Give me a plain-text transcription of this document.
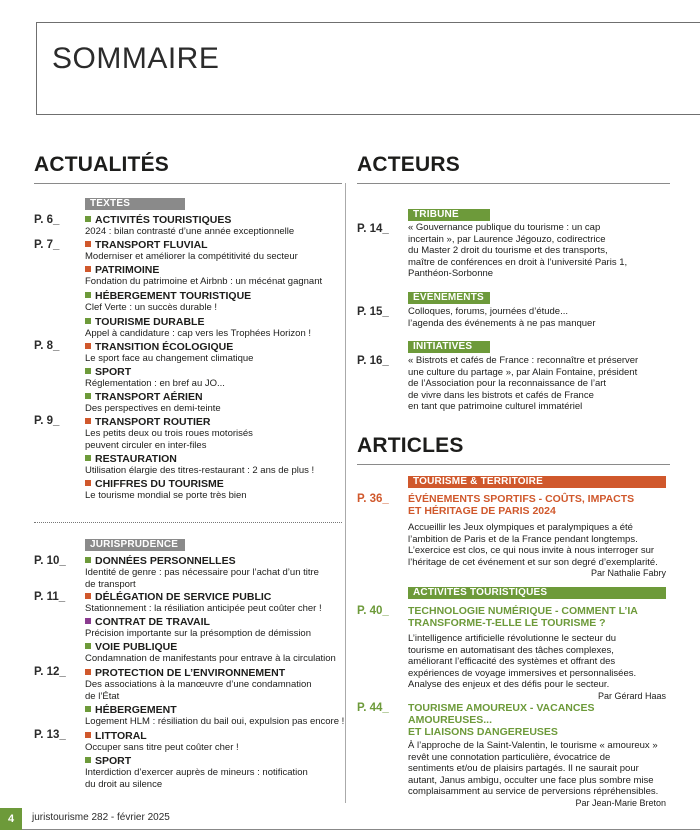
SOMMAIRE
ACTUALITÉS	ACTEURS
TEXTES
P. 6_	ACTIVITÉS TOURISTIQUES
2024 : bilan contrasté d’une année exceptionnelle
P. 7_	TRANSPORT FLUVIAL
Moderniser et améliorer la compétitivité du secteur
PATRIMOINE
Fondation du patrimoine et Airbnb : un mécénat gagnant
HÉBERGEMENT TOURISTIQUE
Clef Verte : un succès durable !
TOURISME DURABLE
Appel à candidature : cap vers les Trophées Horizon !
P. 8_	TRANSITION ÉCOLOGIQUE
Le sport face au changement climatique
SPORT
Réglementation : en bref au JO...
TRANSPORT AÉRIEN
Des perspectives en demi-teinte
P. 9_	TRANSPORT ROUTIER
Les petits deux ou trois roues motorisés
peuvent circuler en inter-files
RESTAURATION
Utilisation élargie des titres-restaurant : 2 ans de plus !
CHIFFRES DU TOURISME
Le tourisme mondial se porte très bien
JURISPRUDENCE
P. 10_	DONNÉES PERSONNELLES
Identité de genre : pas nécessaire pour l’achat d’un titre
de transport
P. 11_	DÉLÉGATION DE SERVICE PUBLIC
Stationnement : la résiliation anticipée peut coûter cher !
CONTRAT DE TRAVAIL
Précision importante sur la présomption de démission
VOIE PUBLIQUE
Condamnation de manifestants pour entrave à la circulation
P. 12_	PROTECTION DE L’ENVIRONNEMENT
Des associations à la manœuvre d’une condamnation
de l’État
HÉBERGEMENT
Logement HLM : résiliation du bail oui, expulsion pas encore !
P. 13_	LITTORAL
Occuper sans titre peut coûter cher !
SPORT
Interdiction d’exercer auprès de mineurs : notification
du droit au silence
TRIBUNE
P. 14_ « Gouvernance publique du tourisme : un cap
incertain », par Laurence Jégouzo, codirectrice
du Master 2 droit du tourisme et des transports,
maître de conférences en droit à l’université Paris 1,
Panthéon-Sorbonne
ÉVÉNEMENTS
P. 15_ Colloques, forums, journées d’étude...
l’agenda des événements à ne pas manquer
INITIATIVES
P. 16_ « Bistrots et cafés de France : reconnaître et préserver
une culture du partage », par Alain Fontaine, président
de l’Association pour la reconnaissance de l’art
de vivre dans les bistrots et cafés de France
en tant que patrimoine culturel immatériel
ARTICLES
TOURISME & TERRITOIRE
P. 36_ ÉVÉNEMENTS SPORTIFS - COÛTS, IMPACTS
ET HÉRITAGE DE PARIS 2024
Accueillir les Jeux olympiques et paralympiques a été
l’ambition de Paris et de la France pendant longtemps.
L’exercice est clos, ce qui nous invite à nous interroger sur
l’héritage de cet événement et sur son degré d’exemplarité.
Par Nathalie Fabry
ACTIVITÉS TOURISTIQUES
P. 40_ TECHNOLOGIE NUMÉRIQUE - COMMENT L’IA
TRANSFORME-T-ELLE LE TOURISME ?
L’intelligence artificielle révolutionne le secteur du
tourisme en automatisant des tâches complexes,
améliorant l’efficacité des systèmes et offrant des
expériences de voyage immersives et personnalisées.
Analyse des enjeux et des défis pour le secteur.
Par Gérard Haas
P. 44_ TOURISME AMOUREUX - VACANCES AMOUREUSES...
ET LIAISONS DANGEREUSES
À l’approche de la Saint-Valentin, le tourisme « amoureux »
revêt une connotation particulière, évocatrice de
sentiments et/ou de plaisirs partagés. Il ne saurait pour
autant, Janus ambigu, occulter une face plus sombre mise
complaisamment au service de perversions répréhensibles.
Par Jean-Marie Breton
4	juristourisme 282 - février 2025
